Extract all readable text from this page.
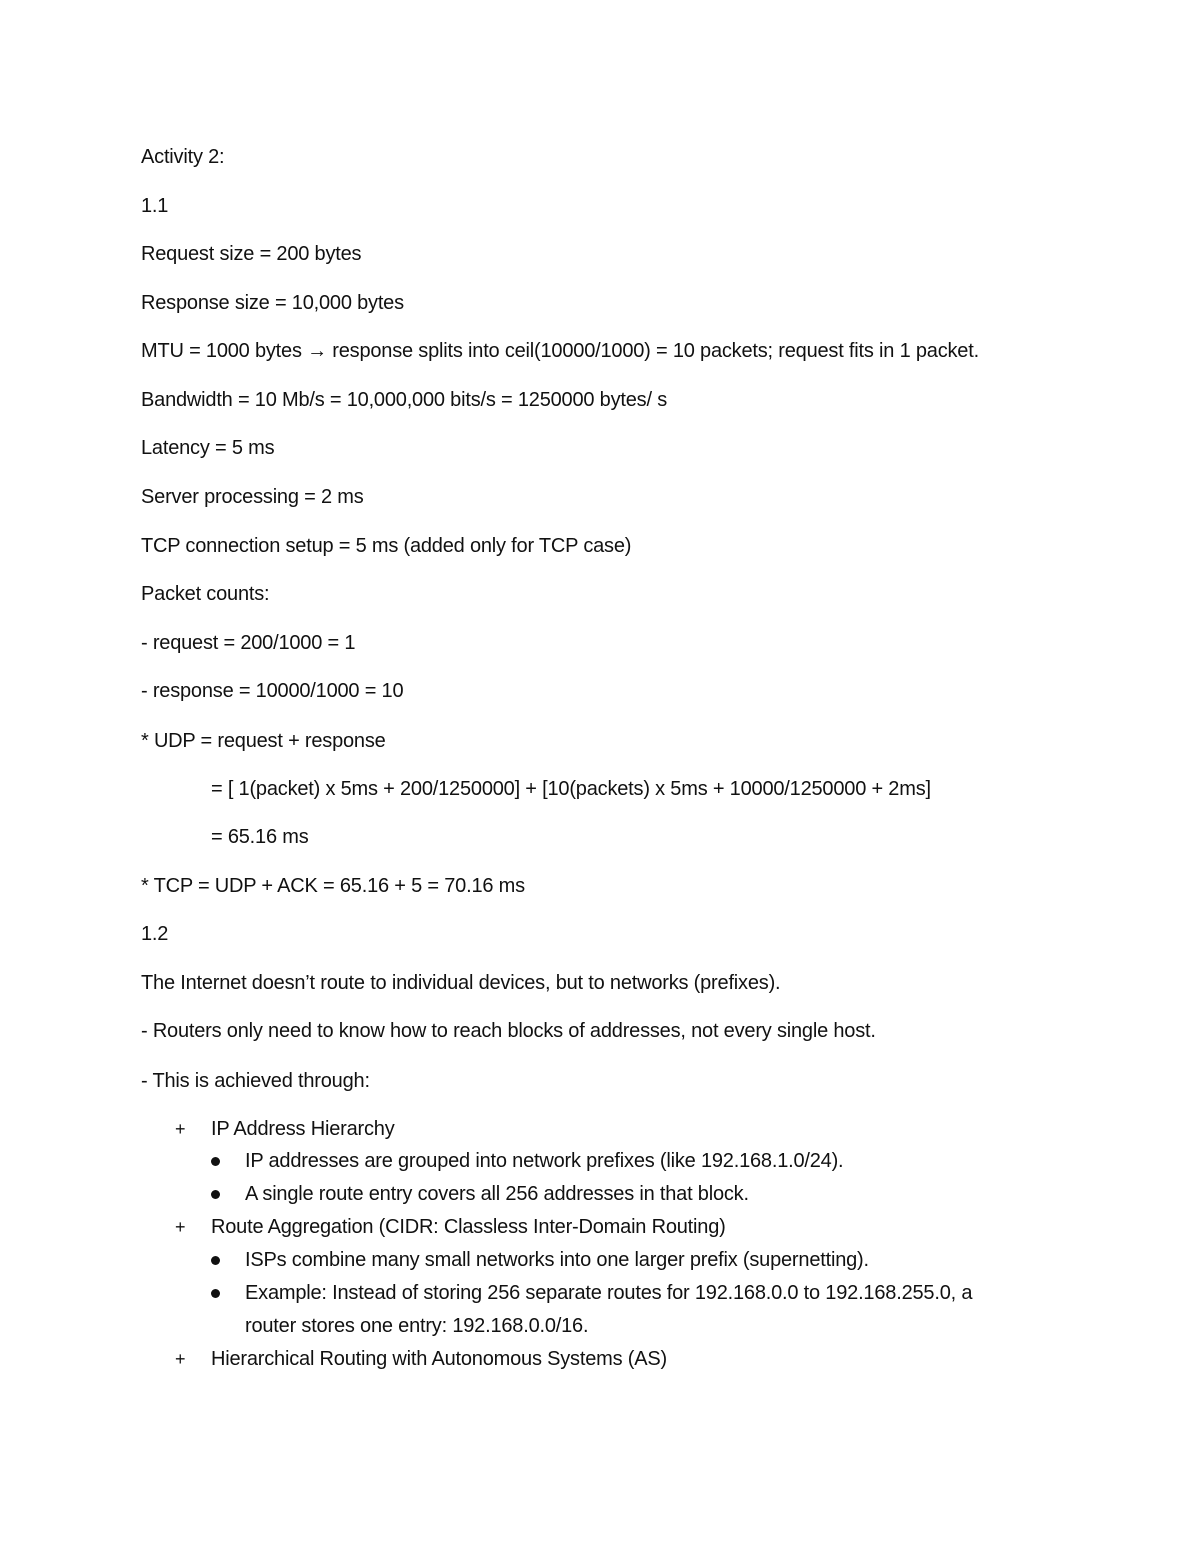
Activity 2:
1.1
Request size = 200 bytes
Response size = 10,000 bytes
MTU = 1000 bytes → response splits into ceil(10000/1000) = 10 packets; request fits in 1 packet.
Bandwidth = 10 Mb/s = 10,000,000 bits/s = 1250000 bytes/ s
Latency = 5 ms
Server processing = 2 ms
TCP connection setup = 5 ms (added only for TCP case)
Packet counts:
- request = 200/1000 = 1
- response = 10000/1000 = 10
* UDP = request + response
= [ 1(packet) x 5ms + 200/1250000] + [10(packets) x 5ms + 10000/1250000 + 2ms]
= 65.16 ms
* TCP = UDP + ACK = 65.16 + 5 = 70.16 ms
1.2
The Internet doesn’t route to individual devices, but to networks (prefixes).
- Routers only need to know how to reach blocks of addresses, not every single host.
- This is achieved through:
+	IP Address Hierarchy
IP addresses are grouped into network prefixes (like 192.168.1.0/24).
A single route entry covers all 256 addresses in that block.
+	Route Aggregation (CIDR: Classless Inter-Domain Routing)
ISPs combine many small networks into one larger prefix (supernetting).
Example: Instead of storing 256 separate routes for 192.168.0.0 to 192.168.255.0, a
router stores one entry: 192.168.0.0/16.
+	Hierarchical Routing with Autonomous Systems (AS)
